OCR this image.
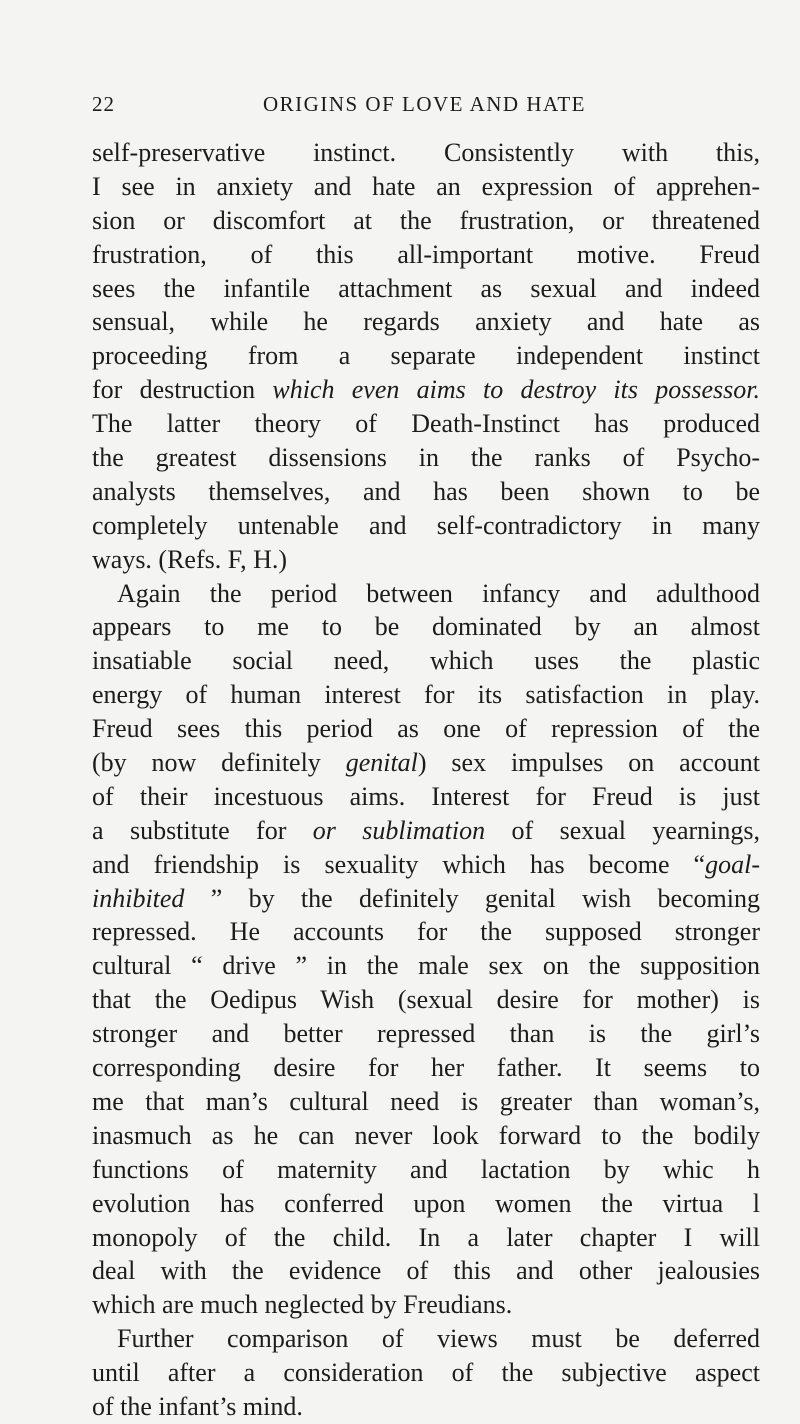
22	ORIGINS OF LOVE AND HATE
self-preservative instinct. Consistently with this,
I see in anxiety and hate an expression of apprehen-
sion or discomfort at the frustration, or threatened
frustration, of this all-important motive. Freud
sees the infantile attachment as sexual and indeed
sensual, while he regards anxiety and hate as
proceeding from a separate independent instinct
for destruction which even aims to destroy its possessor.
The latter theory of Death-Instinct has produced
the greatest dissensions in the ranks of Psycho-
analysts themselves, and has been shown to be
completely untenable and self-contradictory in many
ways. (Refs. F, H.)
Again the period between infancy and adulthood
appears to me to be dominated by an almost
insatiable social need, which uses the plastic
energy of human interest for its satisfaction in play.
Freud sees this period as one of repression of the
(by now definitely genital) sex impulses on account
of their incestuous aims. Interest for Freud is just
a substitute for or sublimation of sexual yearnings,
and friendship is sexuality which has become “goal-
inhibited ” by the definitely genital wish becoming
repressed. He accounts for the supposed stronger
cultural “ drive ” in the male sex on the supposition
that the Oedipus Wish (sexual desire for mother) is
stronger and better repressed than is the girl’s
corresponding desire for her father. It seems to
me that man’s cultural need is greater than woman’s,
inasmuch as he can never look forward to the bodily
functions of maternity and lactation by whic h
evolution has conferred upon women the virtua l
monopoly of the child. In a later chapter I will
deal with the evidence of this and other jealousies
which are much neglected by Freudians.
Further comparison of views must be deferred
until after a consideration of the subjective aspect
of the infant’s mind.
